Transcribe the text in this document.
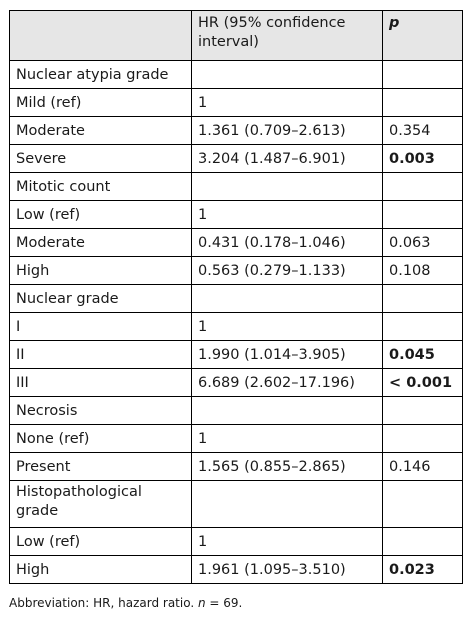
	HR (95% confidence interval)	p
Nuclear atypia grade		
Mild (ref)	1	
Moderate	1.361 (0.709–2.613)	0.354
Severe	3.204 (1.487–6.901)	0.003
Mitotic count		
Low (ref)	1	
Moderate	0.431 (0.178–1.046)	0.063
High	0.563 (0.279–1.133)	0.108
Nuclear grade		
I	1	
II	1.990 (1.014–3.905)	0.045
III	6.689 (2.602–17.196)	< 0.001
Necrosis		
None (ref)	1	
Present	1.565 (0.855–2.865)	0.146
Histopathological grade		
Low (ref)	1	
High	1.961 (1.095–3.510)	0.023
Abbreviation: HR, hazard ratio. n = 69.
